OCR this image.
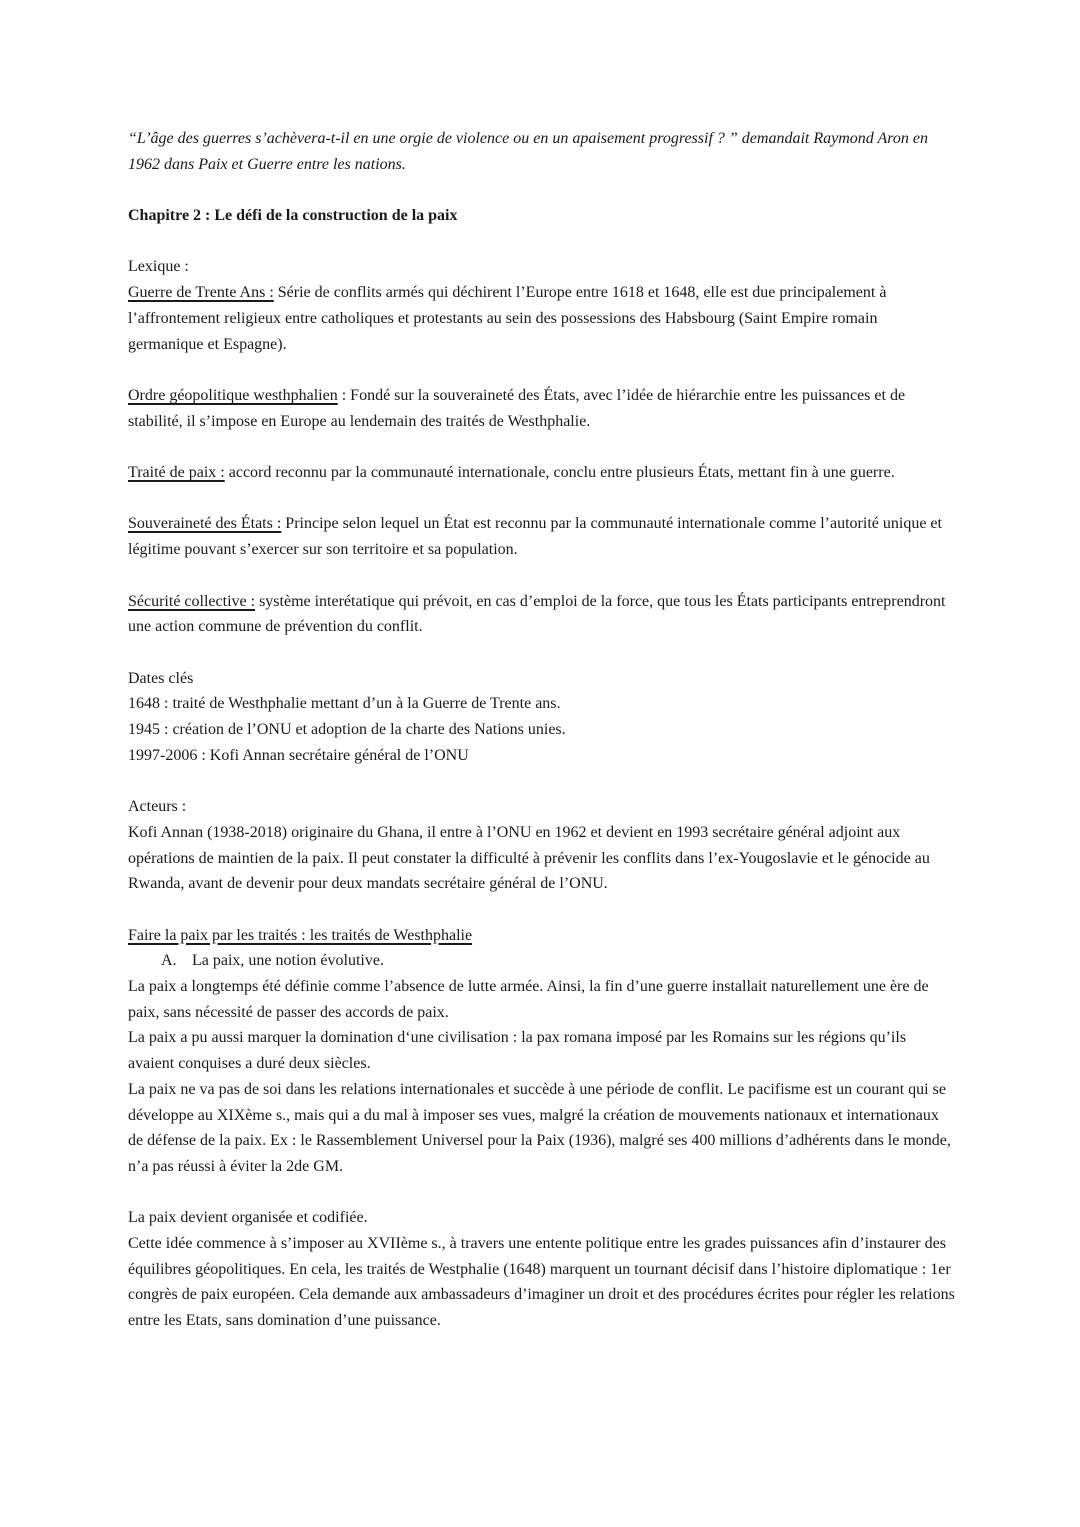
“L’âge des guerres s’achèvera-t-il en une orgie de violence ou en un apaisement progressif ? ” demandait Raymond Aron en 1962 dans Paix et Guerre entre les nations.

Chapitre 2 : Le défi de la construction de la paix

Lexique :

Guerre de Trente Ans : Série de conflits armés qui déchirent l’Europe entre 1618 et 1648, elle est due principalement à l’affrontement religieux entre catholiques et protestants au sein des possessions des Habsbourg (Saint Empire romain germanique et Espagne).

Ordre géopolitique westhphalien : Fondé sur la souveraineté des États, avec l’idée de hiérarchie entre les puissances et de stabilité, il s’impose en Europe au lendemain des traités de Westhphalie.

Traité de paix : accord reconnu par la communauté internationale, conclu entre plusieurs États, mettant fin à une guerre.

Souveraineté des États : Principe selon lequel un État est reconnu par la communauté internationale comme l’autorité unique et légitime pouvant s’exercer sur son territoire et sa population.

Sécurité collective : système interétatique qui prévoit, en cas d’emploi de la force, que tous les États participants entreprendront une action commune de prévention du conflit.

Dates clés

1648 : traité de Westhphalie mettant d’un à la Guerre de Trente ans.

1945 : création de l’ONU et adoption de la charte des Nations unies.

1997-2006 : Kofi Annan secrétaire général de l’ONU

Acteurs :

Kofi Annan (1938-2018) originaire du Ghana, il entre à l’ONU en 1962 et devient en 1993 secrétaire général adjoint aux opérations de maintien de la paix. Il peut constater la difficulté à prévenir les conflits dans l’ex-Yougoslavie et le génocide au Rwanda, avant de devenir pour deux mandats secrétaire général de l’ONU.

Faire la paix par les traités : les traités de Westhphalie

A. La paix, une notion évolutive.

La paix a longtemps été définie comme l’absence de lutte armée. Ainsi, la fin d’une guerre installait naturellement une ère de paix, sans nécessité de passer des accords de paix.

La paix a pu aussi marquer la domination d‘une civilisation : la pax romana imposé par les Romains sur les régions qu’ils avaient conquises a duré deux siècles.

La paix ne va pas de soi dans les relations internationales et succède à une période de conflit. Le pacifisme est un courant qui se développe au XIXème s., mais qui a du mal à imposer ses vues, malgré la création de mouvements nationaux et internationaux de défense de la paix. Ex : le Rassemblement Universel pour la Paix (1936), malgré ses 400 millions d’adhérents dans le monde, n’a pas réussi à éviter la 2de GM.

La paix devient organisée et codifiée.

Cette idée commence à s’imposer au XVIIème s., à travers une entente politique entre les grades puissances afin d’instaurer des équilibres géopolitiques. En cela, les traités de Westphalie (1648) marquent un tournant décisif dans l’histoire diplomatique : 1er congrès de paix européen. Cela demande aux ambassadeurs d’imaginer un droit et des procédures écrites pour régler les relations entre les Etats, sans domination d’une puissance.
